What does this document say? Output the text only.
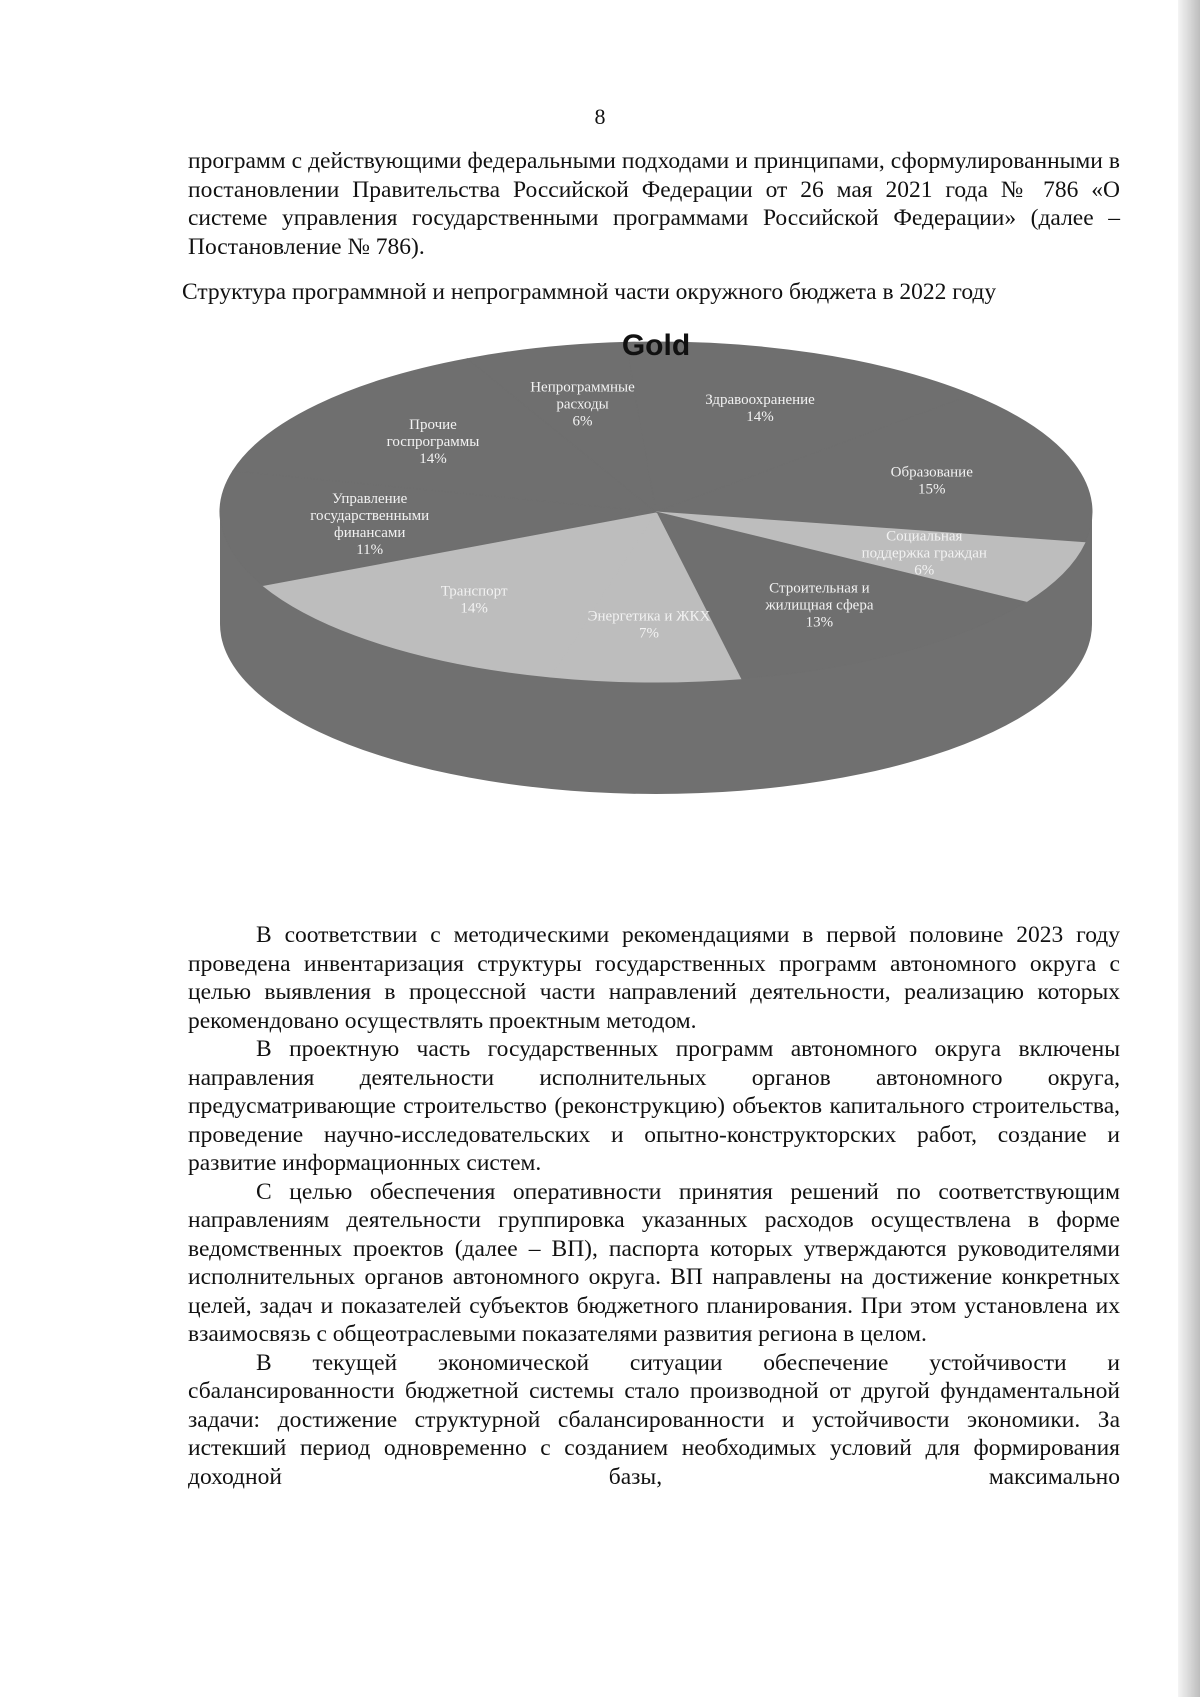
8

программ с действующими федеральными подходами и принципами, сформулированными в постановлении Правительства Российской Федерации от 26 мая 2021 года № 786 «О системе управления государственными программами Российской Федерации» (далее – Постановление № 786).

Структура программной и непрограммной части окружного бюджета в 2022 году
Здравоохранение 14%
Образование 15%
Социальная поддержка граждан 6%
Строительная и жилищная сфера 13%
Энергетика и ЖКХ 7%
Транспорт 14%
Управление государственными финансами 11%
Прочие госпрограммы 14%
Непрограммные расходы 6%
Gold

В соответствии с методическими рекомендациями в первой половине 2023 году проведена инвентаризация структуры государственных программ автономного округа с целью выявления в процессной части направлений деятельности, реализацию которых рекомендовано осуществлять проектным методом.

В проектную часть государственных программ автономного округа включены направления деятельности исполнительных органов автономного округа, предусматривающие строительство (реконструкцию) объектов капитального строительства, проведение научно-исследовательских и опытно-конструкторских работ, создание и развитие информационных систем.

С целью обеспечения оперативности принятия решений по соответствующим направлениям деятельности группировка указанных расходов осуществлена в форме ведомственных проектов (далее – ВП), паспорта которых утверждаются руководителями исполнительных органов автономного округа. ВП направлены на достижение конкретных целей, задач и показателей субъектов бюджетного планирования. При этом установлена их взаимосвязь с общеотраслевыми показателями развития региона в целом.

В текущей экономической ситуации обеспечение устойчивости и сбалансированности бюджетной системы стало производной от другой фундаментальной задачи: достижение структурной сбалансированности и устойчивости экономики. За истекший период одновременно с созданием необходимых условий для формирования доходной базы, максимально
